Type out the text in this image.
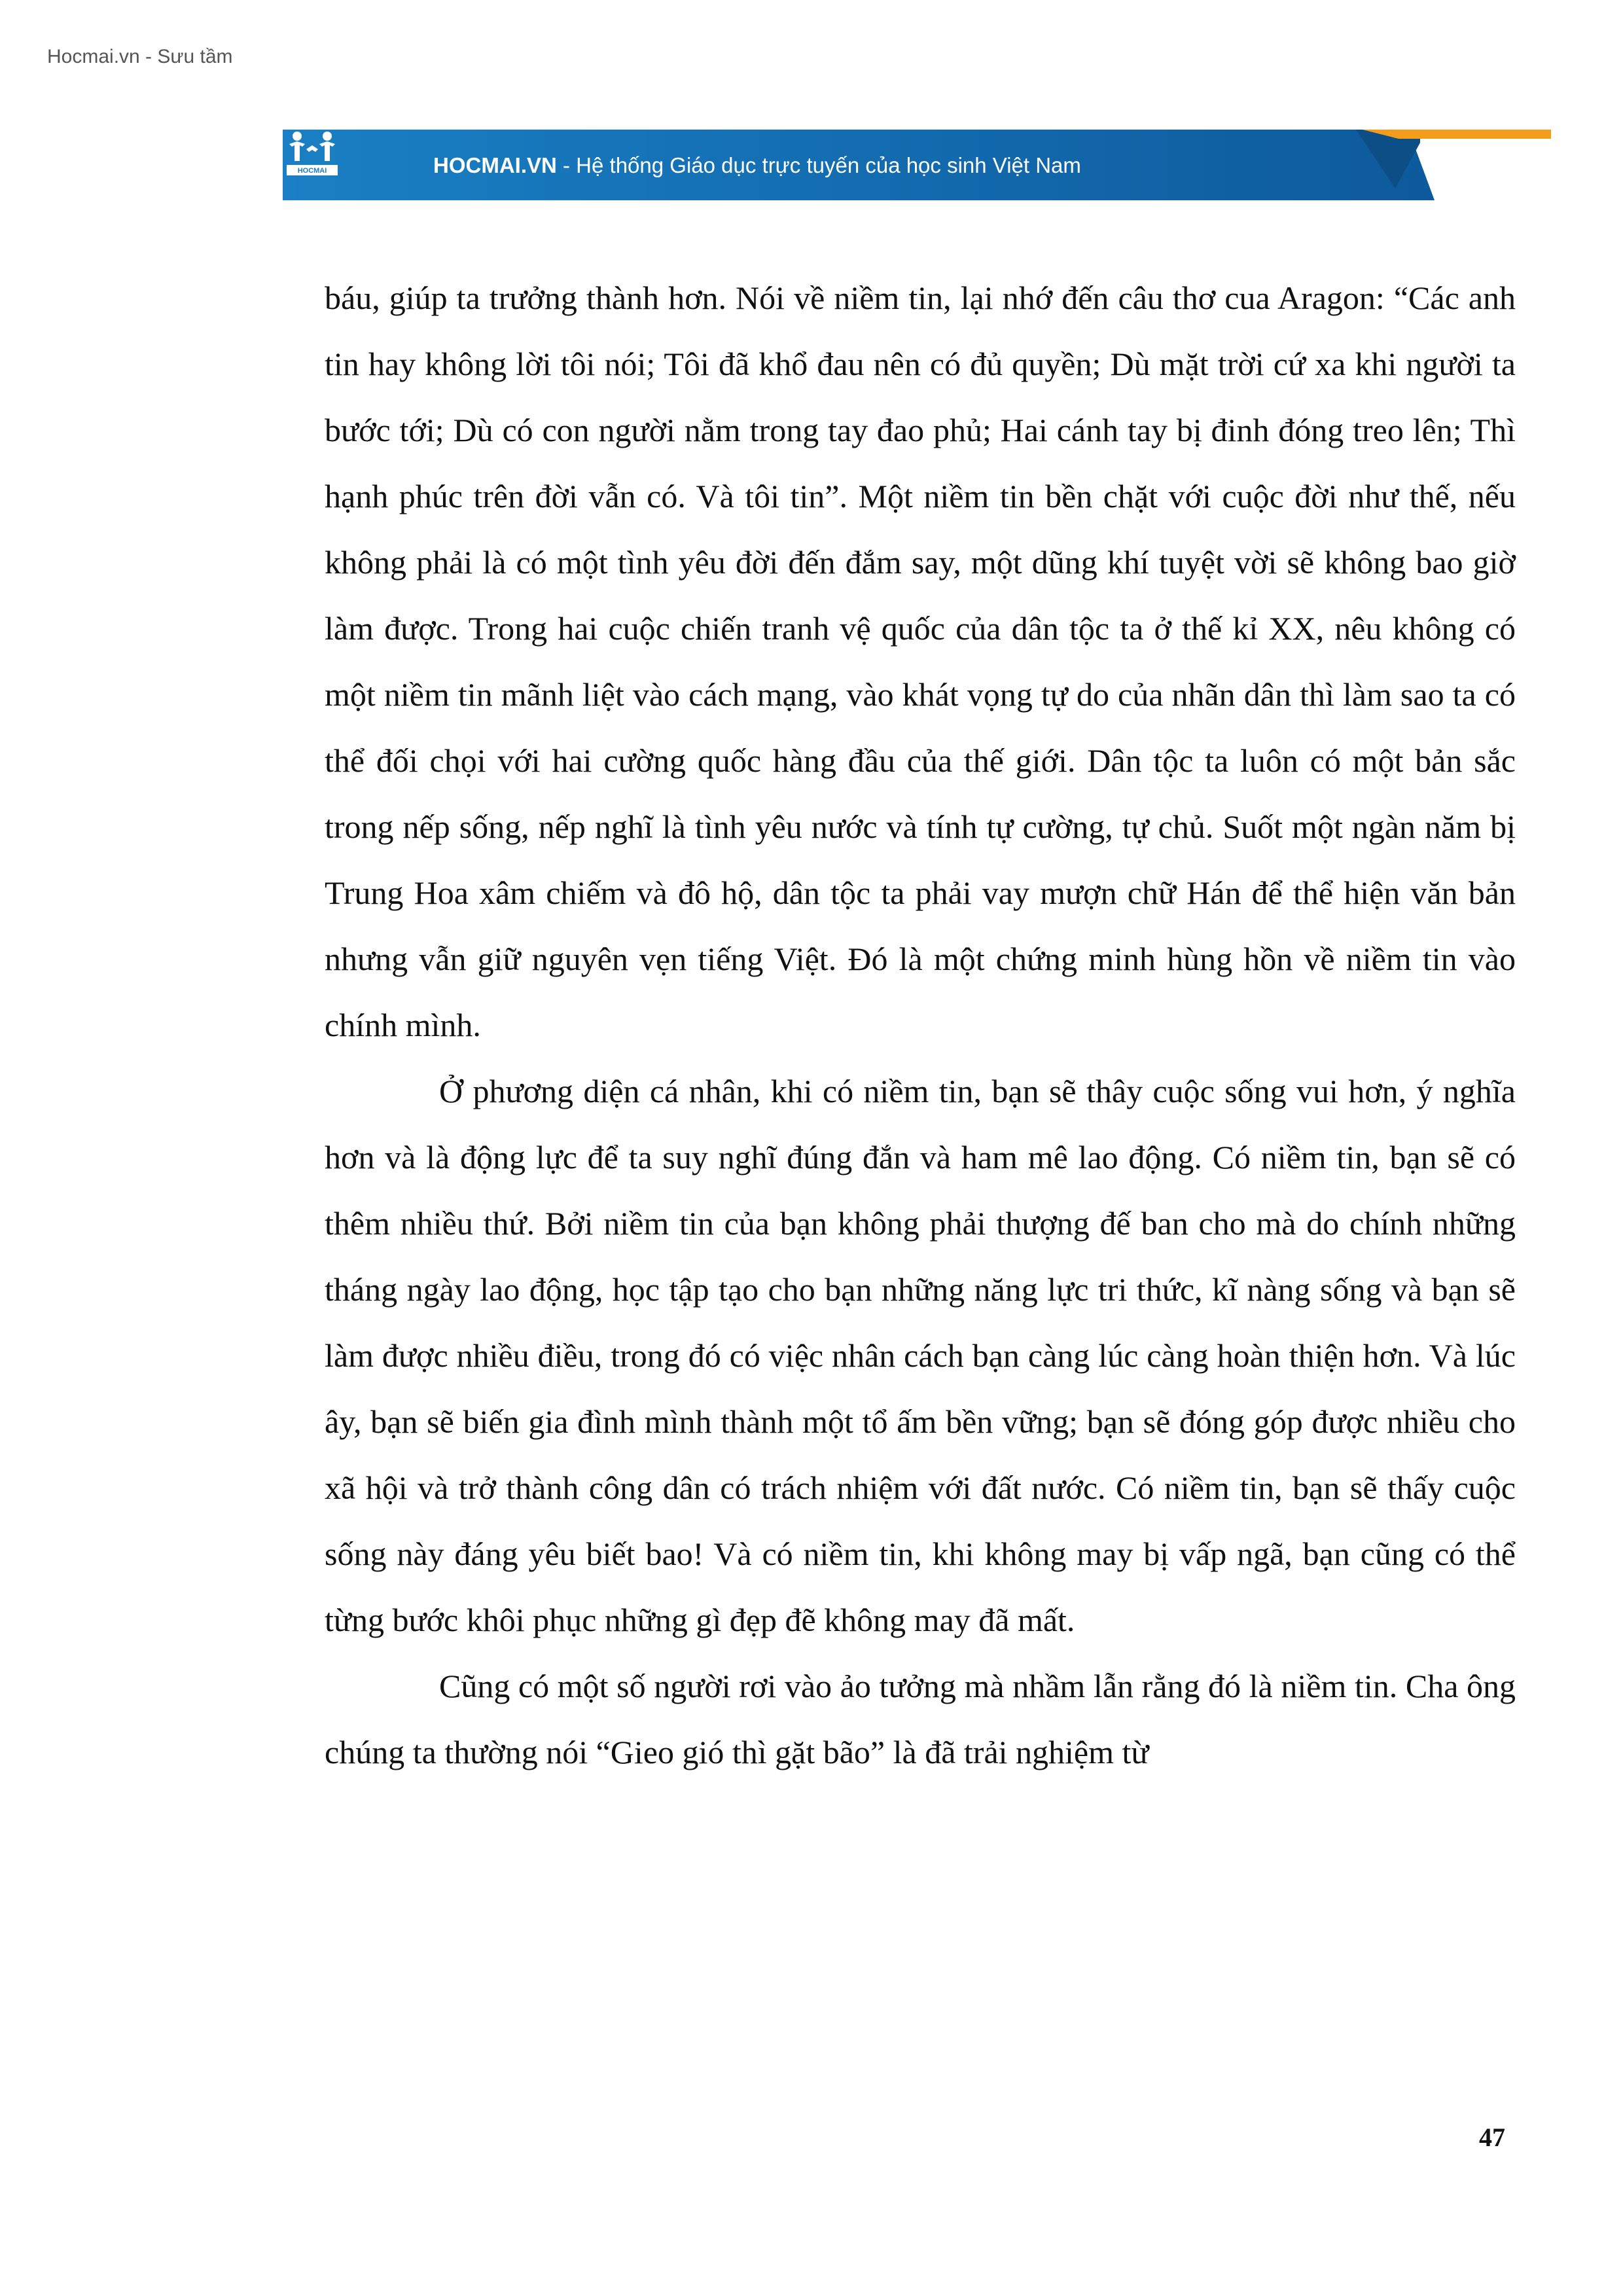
Hocmai.vn - Sưu tầm
HOCMAI	HOCMAI.VN - Hệ thống Giáo dục trực tuyến của học sinh Việt Nam

báu, giúp ta trưởng thành hơn. Nói về niềm tin, lại nhớ đến câu thơ cua Aragon: “Các anh tin hay không lời tôi nói; Tôi đã khổ đau nên có đủ quyền; Dù mặt trời cứ xa khi người ta bước tới; Dù có con người nằm trong tay đao phủ; Hai cánh tay bị đinh đóng treo lên; Thì hạnh phúc trên đời vẫn có. Và tôi tin”. Một niềm tin bền chặt với cuộc đời như thế, nếu không phải là có một tình yêu đời đến đắm say, một dũng khí tuyệt vời sẽ không bao giờ làm được. Trong hai cuộc chiến tranh vệ quốc của dân tộc ta ở thế kỉ XX, nêu không có một niềm tin mãnh liệt vào cách mạng, vào khát vọng tự do của nhãn dân thì làm sao ta có thể đối chọi với hai cường quốc hàng đầu của thế giới. Dân tộc ta luôn có một bản sắc trong nếp sống, nếp nghĩ là tình yêu nước và tính tự cường, tự chủ. Suốt một ngàn năm bị Trung Hoa xâm chiếm và đô hộ, dân tộc ta phải vay mượn chữ Hán để thể hiện văn bản nhưng vẫn giữ nguyên vẹn tiếng Việt. Đó là một chứng minh hùng hồn về niềm tin vào chính mình.

Ở phương diện cá nhân, khi có niềm tin, bạn sẽ thây cuộc sống vui hơn, ý nghĩa hơn và là động lực để ta suy nghĩ đúng đắn và ham mê lao động. Có niềm tin, bạn sẽ có thêm nhiều thứ. Bởi niềm tin của bạn không phải thượng đế ban cho mà do chính những tháng ngày lao động, học tập tạo cho bạn những năng lực tri thức, kĩ nàng sống và bạn sẽ làm được nhiều điều, trong đó có việc nhân cách bạn càng lúc càng hoàn thiện hơn. Và lúc ây, bạn sẽ biến gia đình mình thành một tổ ấm bền vững; bạn sẽ đóng góp được nhiều cho xã hội và trở thành công dân có trách nhiệm với đất nước. Có niềm tin, bạn sẽ thấy cuộc sống này đáng yêu biết bao! Và có niềm tin, khi không may bị vấp ngã, bạn cũng có thể từng bước khôi phục những gì đẹp đẽ không may đã mất.

Cũng có một số người rơi vào ảo tưởng mà nhầm lẫn rằng đó là niềm tin. Cha ông chúng ta thường nói “Gieo gió thì gặt bão” là đã trải nghiệm từ

47
